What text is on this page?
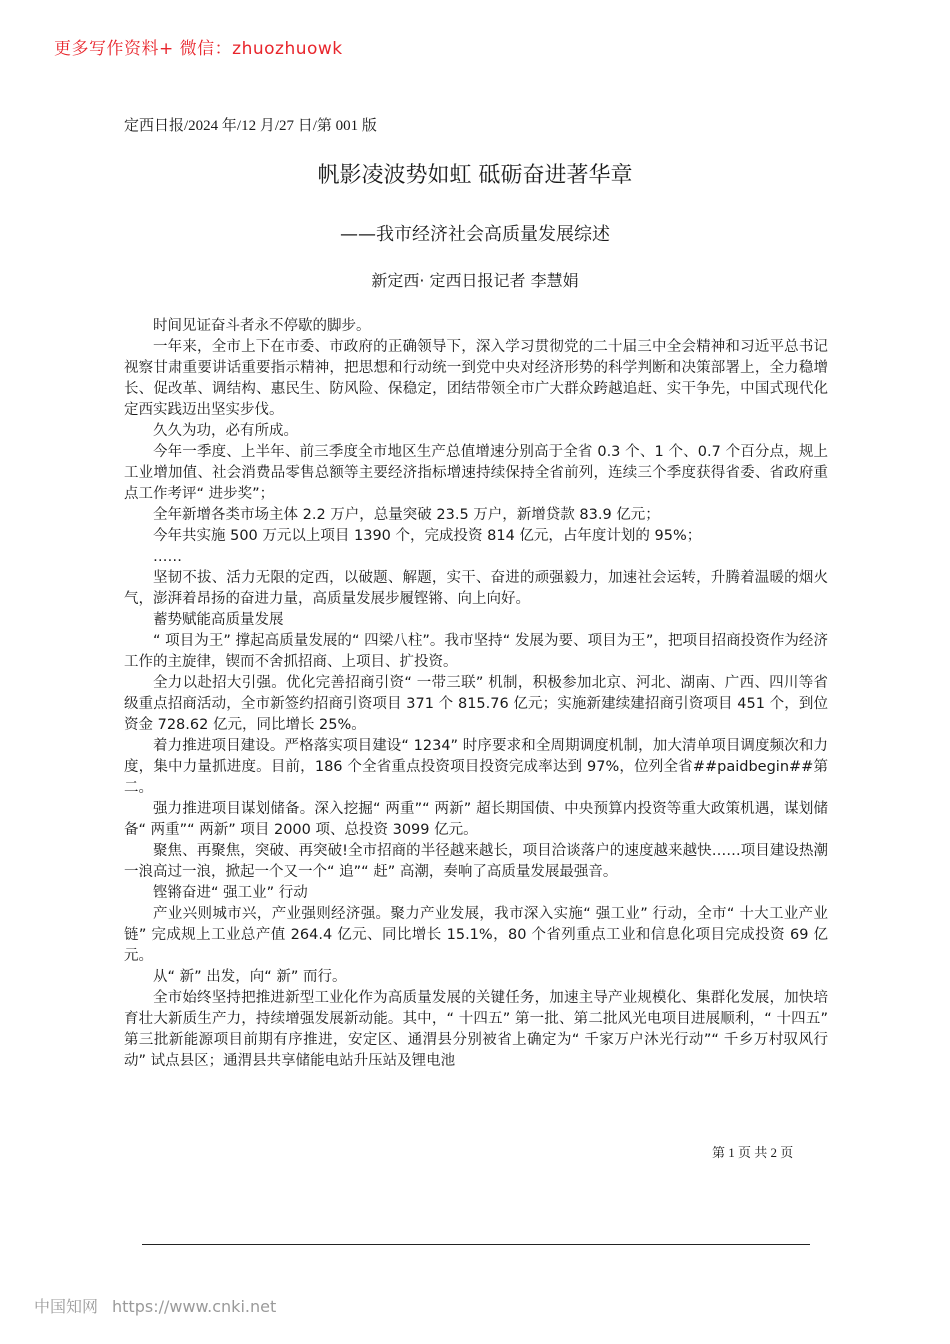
更多写作资料+ 微信：zhuozhuowk
定西日报/2024 年/12 月/27 日/第 001 版
帆影凌波势如虹 砥砺奋进著华章
——我市经济社会高质量发展综述
新定西· 定西日报记者 李慧娟

时间见证奋斗者永不停歇的脚步。

一年来，全市上下在市委、市政府的正确领导下，深入学习贯彻党的二十届三中全会精神和习近平总书记视察甘肃重要讲话重要指示精神，把思想和行动统一到党中央对经济形势的科学判断和决策部署上，全力稳增长、促改革、调结构、惠民生、防风险、保稳定，团结带领全市广大群众跨越追赶、实干争先，中国式现代化定西实践迈出坚实步伐。

久久为功，必有所成。

今年一季度、上半年、前三季度全市地区生产总值增速分别高于全省 0.3 个、1 个、0.7 个百分点，规上工业增加值、社会消费品零售总额等主要经济指标增速持续保持全省前列，连续三个季度获得省委、省政府重点工作考评“ 进步奖”；

全年新增各类市场主体 2.2 万户，总量突破 23.5 万户，新增贷款 83.9 亿元；

今年共实施 500 万元以上项目 1390 个，完成投资 814 亿元，占年度计划的 95%；

……

坚韧不拔、活力无限的定西，以破题、解题，实干、奋进的顽强毅力，加速社会运转，升腾着温暖的烟火气，澎湃着昂扬的奋进力量，高质量发展步履铿锵、向上向好。

蓄势赋能高质量发展

“ 项目为王” 撑起高质量发展的“ 四梁八柱”。我市坚持“ 发展为要、项目为王”，把项目招商投资作为经济工作的主旋律，锲而不舍抓招商、上项目、扩投资。

全力以赴招大引强。优化完善招商引资“ 一带三联” 机制，积极参加北京、河北、湖南、广西、四川等省级重点招商活动，全市新签约招商引资项目 371 个 815.76 亿元；实施新建续建招商引资项目 451 个，到位资金 728.62 亿元，同比增长 25%。

着力推进项目建设。严格落实项目建设“ 1234” 时序要求和全周期调度机制，加大清单项目调度频次和力度，集中力量抓进度。目前，186 个全省重点投资项目投资完成率达到 97%，位列全省##paidbegin##第二。

强力推进项目谋划储备。深入挖掘“ 两重”“ 两新” 超长期国债、中央预算内投资等重大政策机遇，谋划储备“ 两重”“ 两新” 项目 2000 项、总投资 3099 亿元。

聚焦、再聚焦，突破、再突破!全市招商的半径越来越长，项目洽谈落户的速度越来越快……项目建设热潮一浪高过一浪，掀起一个又一个“ 追”“ 赶” 高潮，奏响了高质量发展最强音。

铿锵奋进“ 强工业” 行动

产业兴则城市兴，产业强则经济强。聚力产业发展，我市深入实施“ 强工业” 行动，全市“ 十大工业产业链” 完成规上工业总产值 264.4 亿元、同比增长 15.1%，80 个省列重点工业和信息化项目完成投资 69 亿元。

从“ 新” 出发，向“ 新” 而行。

全市始终坚持把推进新型工业化作为高质量发展的关键任务，加速主导产业规模化、集群化发展，加快培育壮大新质生产力，持续增强发展新动能。其中，“ 十四五” 第一批、第二批风光电项目进展顺利，“ 十四五” 第三批新能源项目前期有序推进，安定区、通渭县分别被省上确定为“ 千家万户沐光行动”“ 千乡万村驭风行动” 试点县区；通渭县共享储能电站升压站及锂电池

第 1 页 共 2 页
中国知网 https://www.cnki.net
